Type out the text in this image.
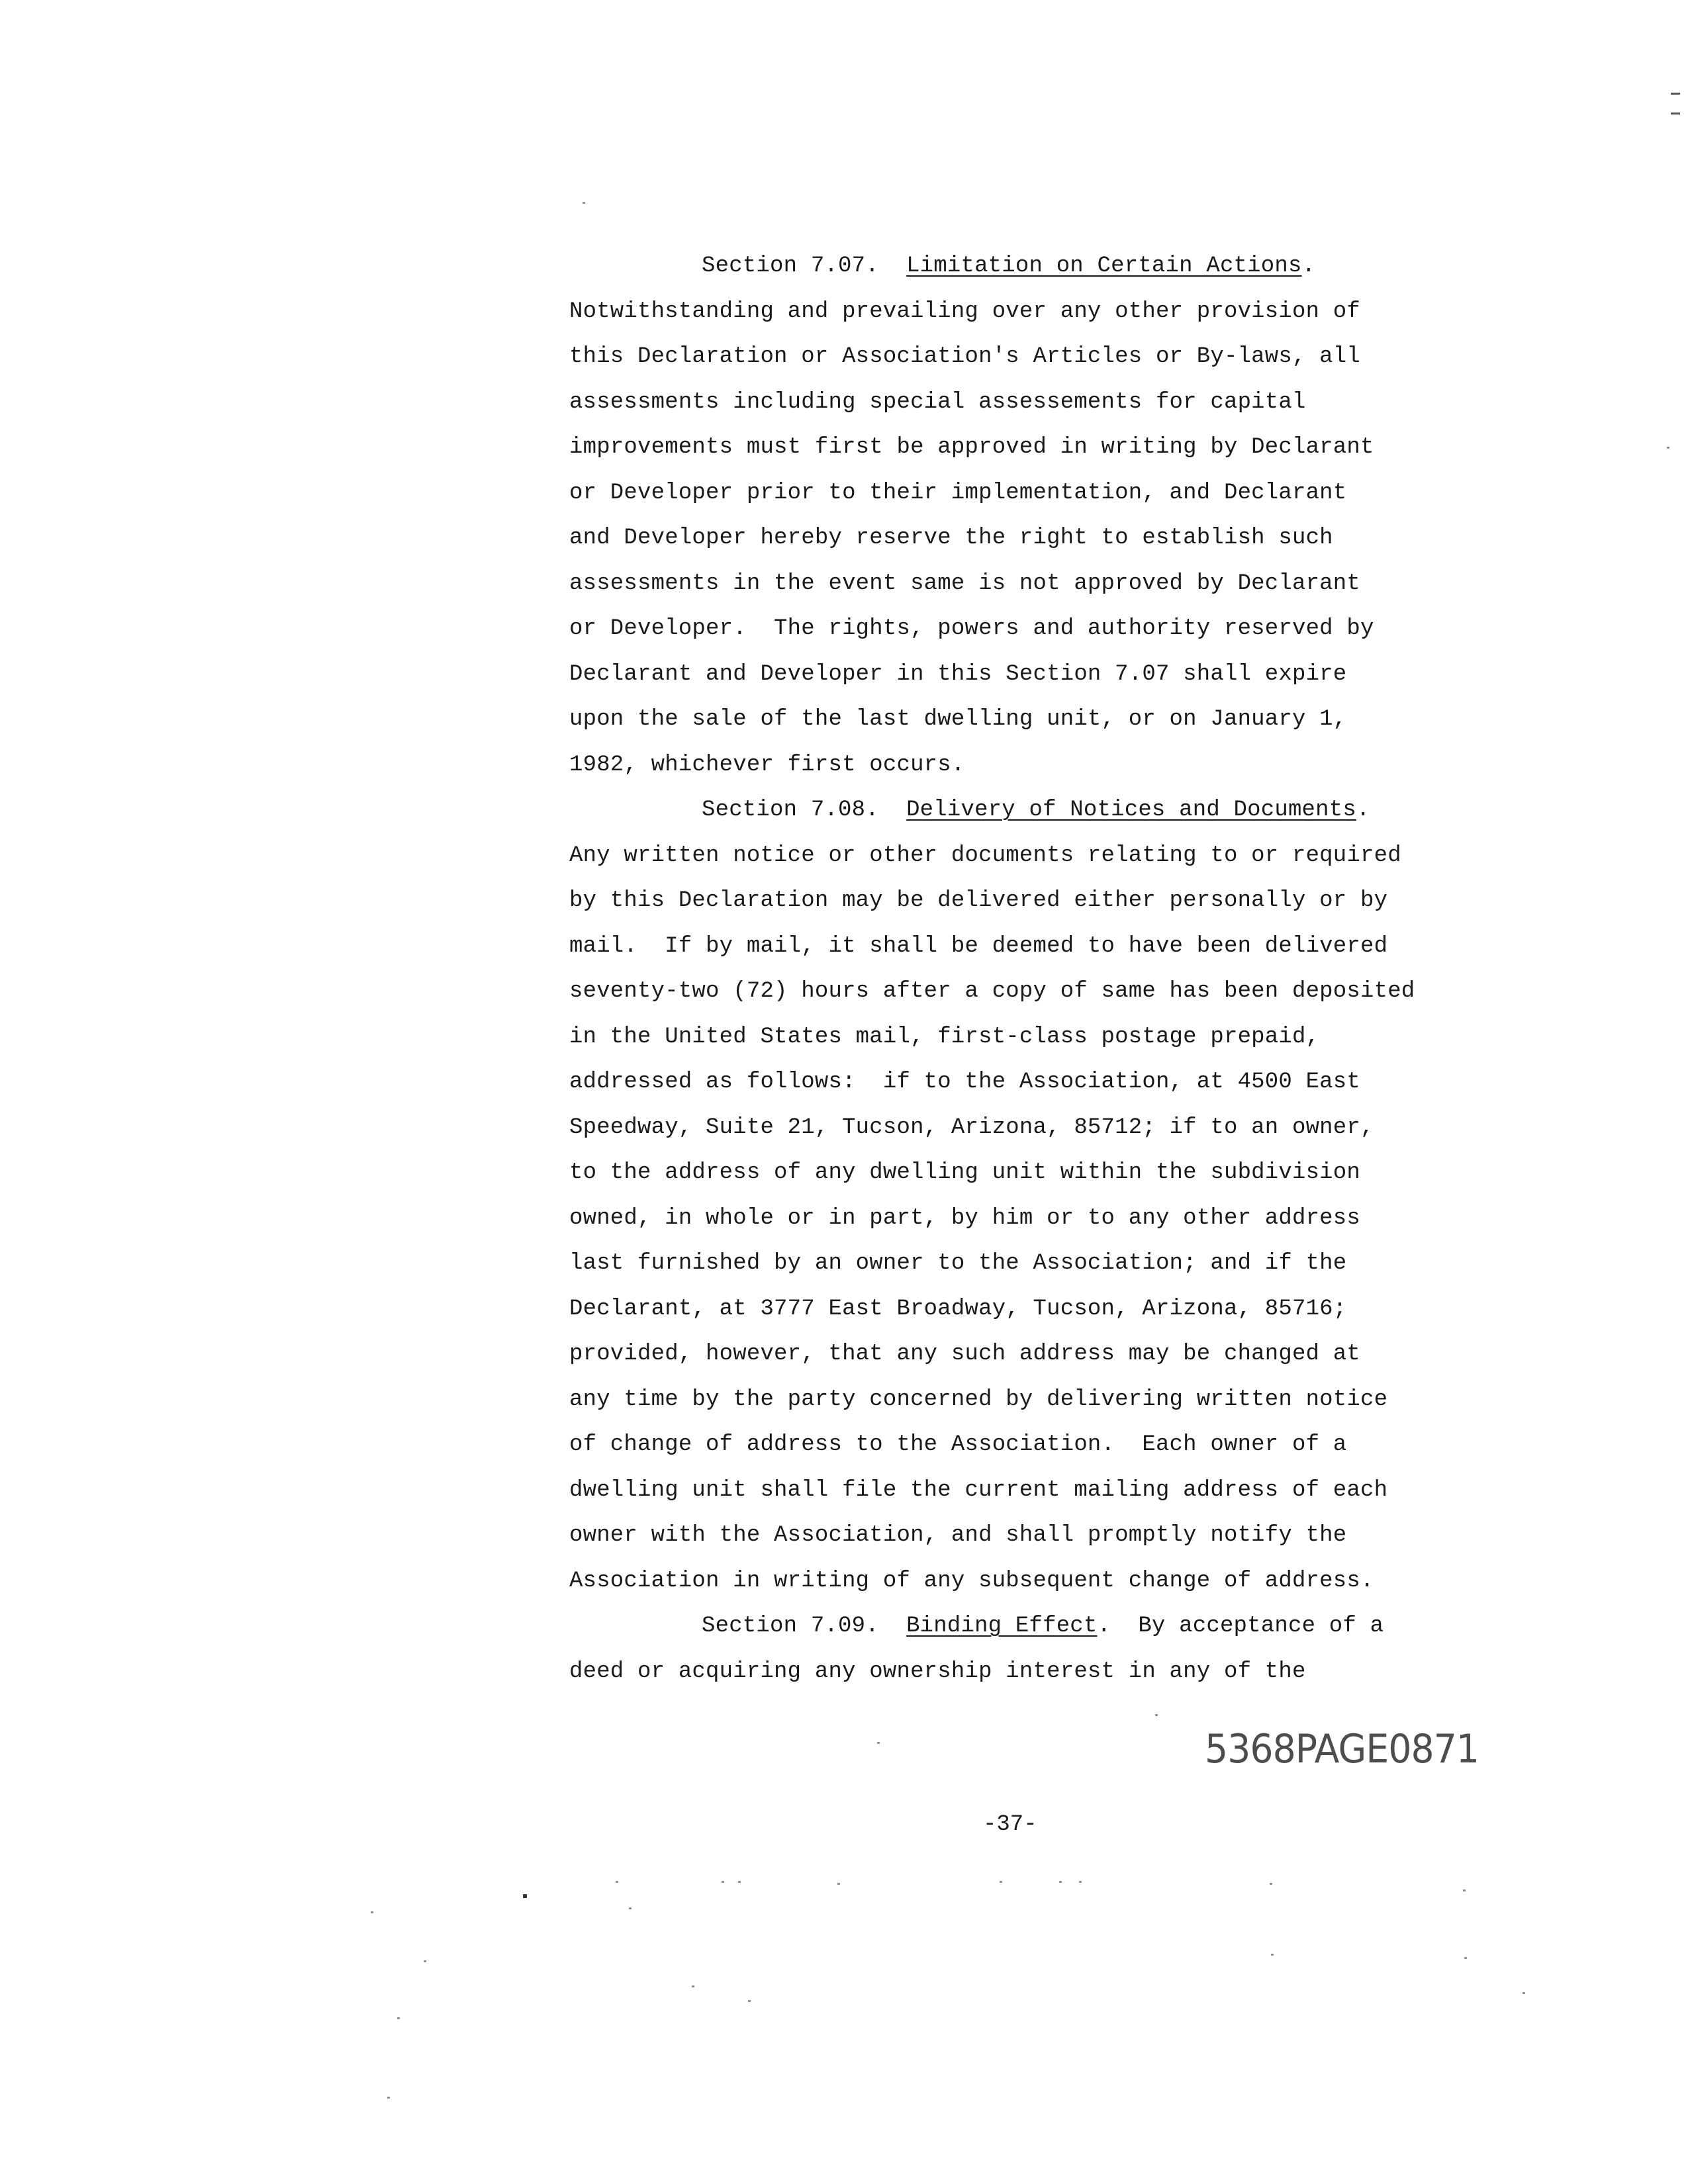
Section 7.07.  Limitation on Certain Actions.
Notwithstanding and prevailing over any other provision of
this Declaration or Association's Articles or By-laws, all
assessments including special assessements for capital
improvements must first be approved in writing by Declarant
or Developer prior to their implementation, and Declarant
and Developer hereby reserve the right to establish such
assessments in the event same is not approved by Declarant
or Developer.  The rights, powers and authority reserved by
Declarant and Developer in this Section 7.07 shall expire
upon the sale of the last dwelling unit, or on January 1,
1982, whichever first occurs.
Section 7.08.  Delivery of Notices and Documents.
Any written notice or other documents relating to or required
by this Declaration may be delivered either personally or by
mail.  If by mail, it shall be deemed to have been delivered
seventy-two (72) hours after a copy of same has been deposited
in the United States mail, first-class postage prepaid,
addressed as follows:  if to the Association, at 4500 East
Speedway, Suite 21, Tucson, Arizona, 85712; if to an owner,
to the address of any dwelling unit within the subdivision
owned, in whole or in part, by him or to any other address
last furnished by an owner to the Association; and if the
Declarant, at 3777 East Broadway, Tucson, Arizona, 85716;
provided, however, that any such address may be changed at
any time by the party concerned by delivering written notice
of change of address to the Association.  Each owner of a
dwelling unit shall file the current mailing address of each
owner with the Association, and shall promptly notify the
Association in writing of any subsequent change of address.
Section 7.09.  Binding Effect.  By acceptance of a
deed or acquiring any ownership interest in any of the
5368PAGE0871
-37-
